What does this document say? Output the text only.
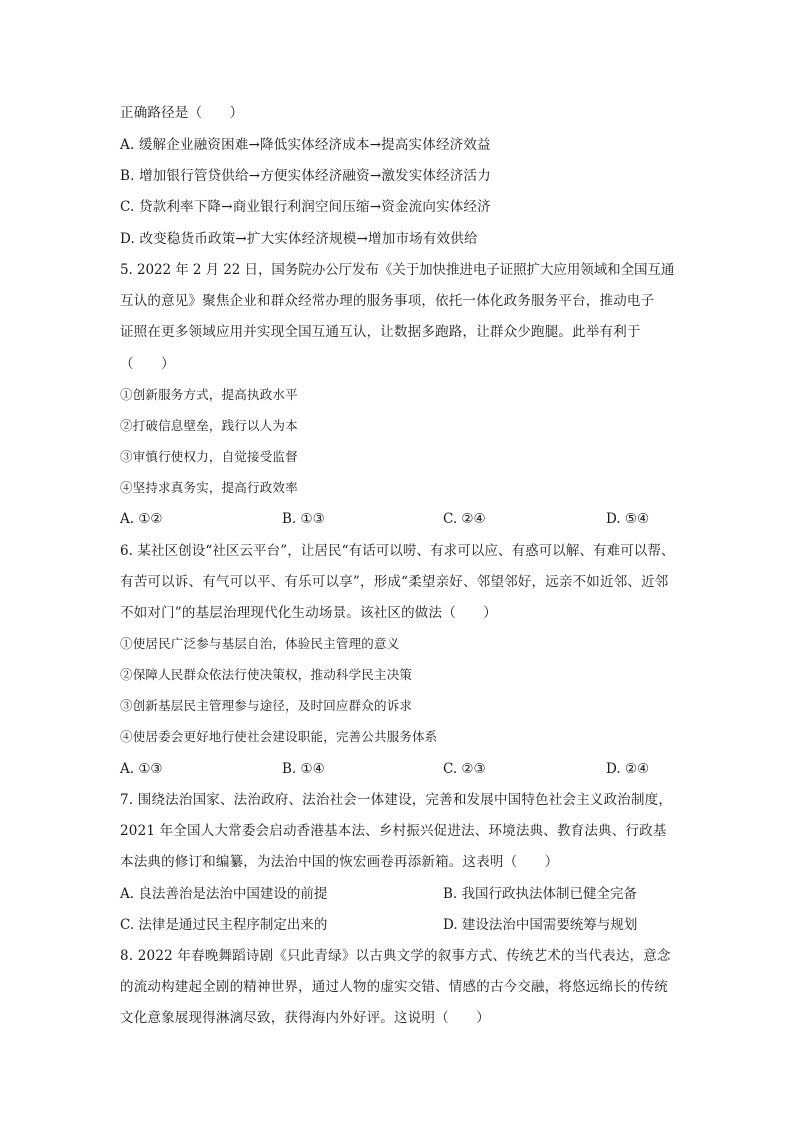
正确路径是（　　）
A. 缓解企业融资困难→降低实体经济成本→提高实体经济效益
B. 增加银行管贷供给→方便实体经济融资→激发实体经济活力
C. 贷款利率下降→商业银行利润空间压缩→资金流向实体经济
D. 改变稳货币政策→扩大实体经济规模→增加市场有效供给
5. 2022 年 2 月 22 日，国务院办公厅发布《关于加快推进电子证照扩大应用领域和全国互通
互认的意见》聚焦企业和群众经常办理的服务事项，依托一体化政务服务平台，推动电子
证照在更多领域应用并实现全国互通互认，让数据多跑路，让群众少跑腿。此举有利于
（　　）
①创新服务方式，提高执政水平
②打破信息壁垒，践行以人为本
③审慎行使权力，自觉接受监督
④坚持求真务实，提高行政效率
A. ①②	B. ①③	C. ②④	D. ⑤④
6. 某社区创设“社区云平台”，让居民“有话可以唠、有求可以应、有惑可以解、有难可以帮、
有苦可以诉、有气可以平、有乐可以享”，形成“柔望亲好、邻望邻好，远亲不如近邻、近邻
不如对门”的基层治理现代化生动场景。该社区的做法（　　）
①使居民广泛参与基层自治，体验民主管理的意义
②保障人民群众依法行使决策权，推动科学民主决策
③创新基层民主管理参与途径，及时回应群众的诉求
④使居委会更好地行使社会建设职能，完善公共服务体系
A. ①③	B. ①④	C. ②③	D. ②④
7. 围绕法治国家、法治政府、法治社会一体建设，完善和发展中国特色社会主义政治制度，
2021 年全国人大常委会启动香港基本法、乡村振兴促进法、环境法典、教育法典、行政基
本法典的修订和编纂，为法治中国的恢宏画卷再添新箱。这表明（　　）
A. 良法善治是法治中国建设的前提	B. 我国行政执法体制已健全完备
C. 法律是通过民主程序制定出来的	D. 建设法治中国需要统筹与规划
8. 2022 年春晚舞蹈诗剧《只此青绿》以古典文学的叙事方式、传统艺术的当代表达，意念
的流动构建起全剧的精神世界，通过人物的虚实交错、情感的古今交融，将悠远绵长的传统
文化意象展现得淋漓尽致，获得海内外好评。这说明（　　）
